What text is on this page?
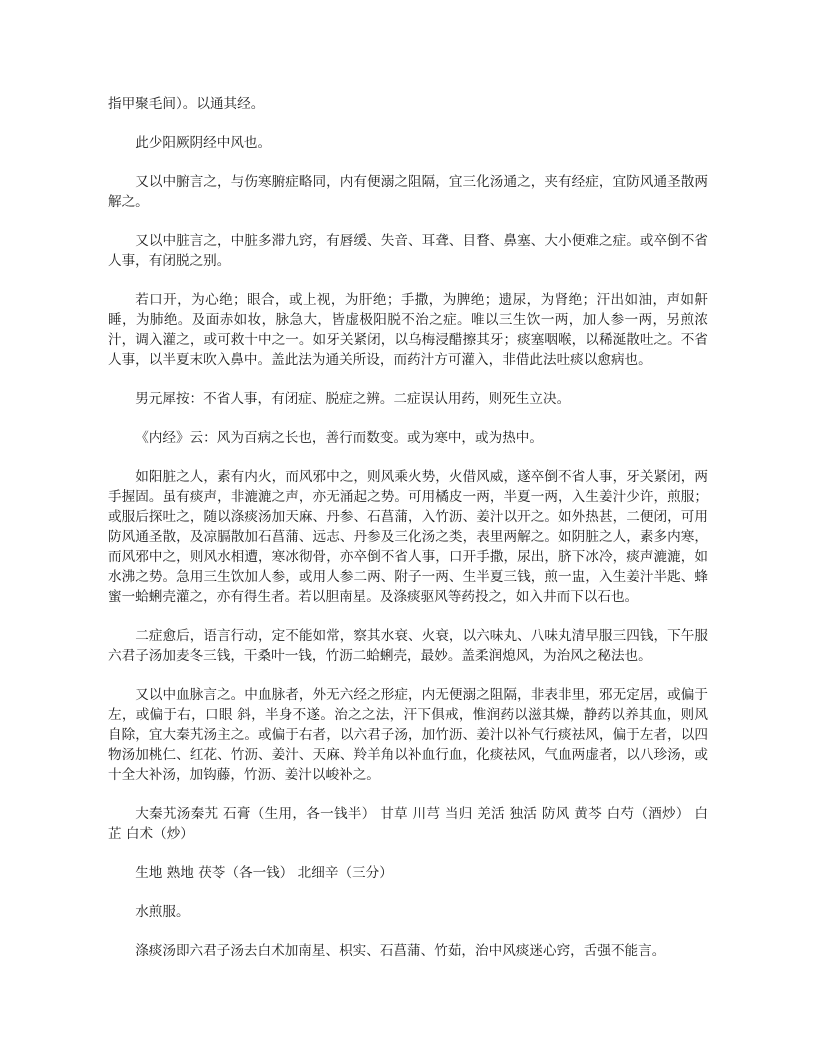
指甲聚毛间）。以通其经。

此少阳厥阴经中风也。

又以中腑言之，与伤寒腑症略同，内有便溺之阻隔，宜三化汤通之，夹有经症，宜防风通圣散两解之。

又以中脏言之，中脏多滞九窍，有唇缓、失音、耳聋、目瞀、鼻塞、大小便难之症。或卒倒不省人事，有闭脱之别。

若口开，为心绝；眼合，或上视，为肝绝；手撒，为脾绝；遗尿，为肾绝；汗出如油，声如鼾睡，为肺绝。及面赤如妆，脉急大，皆虚极阳脱不治之症。唯以三生饮一两，加人参一两，另煎浓汁，调入灌之，或可救十中之一。如牙关紧闭，以乌梅浸醋擦其牙；痰塞咽喉，以稀涎散吐之。不省人事，以半夏末吹入鼻中。盖此法为通关所设，而药汁方可灌入，非借此法吐痰以愈病也。

男元犀按：不省人事，有闭症、脱症之辨。二症误认用药，则死生立决。

《内经》云：风为百病之长也，善行而数变。或为寒中，或为热中。

如阳脏之人，素有内火，而风邪中之，则风乘火势，火借风威，遂卒倒不省人事，牙关紧闭，两手握固。虽有痰声，非漉漉之声，亦无涌起之势。可用橘皮一两，半夏一两，入生姜汁少许，煎服；或服后探吐之，随以涤痰汤加天麻、丹参、石菖蒲，入竹沥、姜汁以开之。如外热甚，二便闭，可用防风通圣散，及凉膈散加石菖蒲、远志、丹参及三化汤之类，表里两解之。如阴脏之人，素多内寒，而风邪中之，则风水相遭，寒冰彻骨，亦卒倒不省人事，口开手撒，尿出，脐下冰冷，痰声漉漉，如水沸之势。急用三生饮加人参，或用人参二两、附子一两、生半夏三钱，煎一盅，入生姜汁半匙、蜂蜜一蛤蜊壳灌之，亦有得生者。若以胆南星。及涤痰驱风等药投之，如入井而下以石也。

二症愈后，语言行动，定不能如常，察其水衰、火衰，以六味丸、八味丸清早服三四钱，下午服六君子汤加麦冬三钱，干桑叶一钱，竹沥二蛤蜊壳，最妙。盖柔润熄风，为治风之秘法也。

又以中血脉言之。中血脉者，外无六经之形症，内无便溺之阻隔，非表非里，邪无定居，或偏于左，或偏于右，口眼 斜，半身不遂。治之之法，汗下俱戒，惟润药以滋其燥，静药以养其血，则风自除，宜大秦艽汤主之。或偏于右者，以六君子汤，加竹沥、姜汁以补气行痰祛风，偏于左者，以四物汤加桃仁、红花、竹沥、姜汁、天麻、羚羊角以补血行血，化痰祛风，气血两虚者，以八珍汤，或十全大补汤，加钩藤，竹沥、姜汁以峻补之。

大秦艽汤秦艽 石膏（生用，各一钱半） 甘草 川芎 当归 羌活 独活 防风 黄芩 白芍（酒炒） 白芷 白术（炒）

生地 熟地 茯苓（各一钱） 北细辛（三分）

水煎服。

涤痰汤即六君子汤去白术加南星、枳实、石菖蒲、竹茹，治中风痰迷心窍，舌强不能言。
